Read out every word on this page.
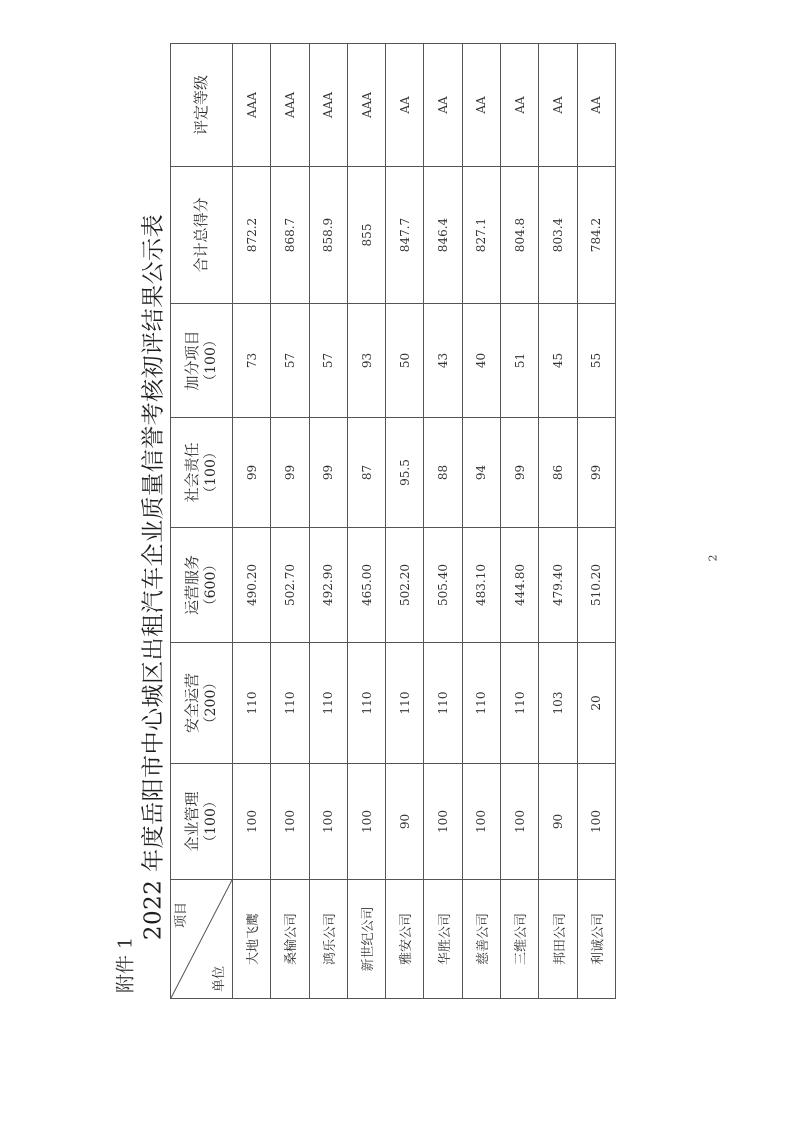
附件 1
2022 年度岳阳市中心城区出租汽车企业质量信誉考核初评结果公示表 项目
单位	企业管理 （100）	安全运营 （200）	运营服务 （600）	社会责任 （100）	加分项目 （100）	合计总得分	评定等级

大地飞鹰	100	110	490.20	99	73	872.2	AAA
桑榆公司	100	110	502.70	99	57	868.7	AAA
鸿乐公司	100	110	492.90	99	57	858.9	AAA
新世纪公司	100	110	465.00	87	93	855	AAA
雅安公司	90	110	502.20	95.5	50	847.7	AA
华胜公司	100	110	505.40	88	43	846.4	AA
慈善公司	100	110	483.10	94	40	827.1	AA
三维公司	100	110	444.80	99	51	804.8	AA
邦田公司	90	103	479.40	86	45	803.4	AA
利诚公司	100	20	510.20	99	55	784.2	AA
2
